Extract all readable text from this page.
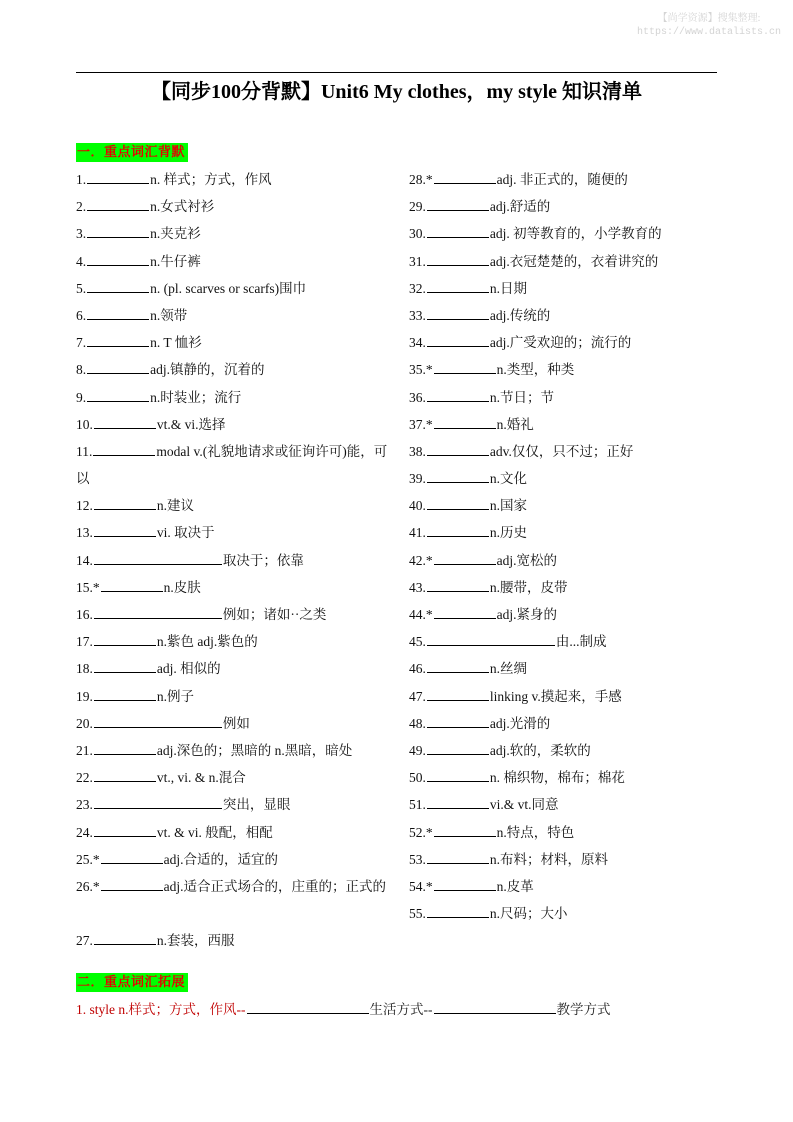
【尚学资源】搜集整理:
https://www.datalists.cn
【同步100分背默】Unit6 My clothes，my style 知识清单
一．重点词汇背默
1.	n. 样式；方式，作风
2.	n.女式衬衫
3.	n.夹克衫
4.	n.牛仔裤
5.	n. (pl. scarves or scarfs)围巾
6.	n.领带
7.	n. T 恤衫
8.	adj.镇静的，沉着的
9.	n.时装业；流行
10.	vt.& vi.选择
11.	modal v.(礼貌地请求或征询许可)能，可以
12.	n.建议
13.	vi. 取决于
14.	取决于；依靠
15.*	n.皮肤
16.	例如；诸如··之类
17.	n.紫色 adj.紫色的
18.	adj. 相似的
19.	n.例子
20.	例如
21.	adj.深色的；黑暗的 n.黑暗，暗处
22.	vt., vi. & n.混合
23.	突出，显眼
24.	vt. & vi. 般配，相配
25.*	adj.合适的，适宜的
26.*	adj.适合正式场合的，庄重的；正式的
27.	n.套装，西服
28.*	adj. 非正式的，随便的
29.	adj.舒适的
30.	adj. 初等教育的，小学教育的
31.	adj.衣冠楚楚的，衣着讲究的
32.	n.日期
33.	adj.传统的
34.	adj.广受欢迎的；流行的
35.*	n.类型，种类
36.	n.节日；节
37.*	n.婚礼
38.	adv.仅仅，只不过；正好
39.	n.文化
40.	n.国家
41.	n.历史
42.*	adj.宽松的
43.	n.腰带，皮带
44.*	adj.紧身的
45.	由...制成
46.	n.丝绸
47.	linking v.摸起来，手感
48.	adj.光滑的
49.	adj.软的，柔软的
50.	n. 棉织物，棉布；棉花
51.	vi.& vt.同意
52.*	n.特点，特色
53.	n.布料；材料，原料
54.*	n.皮革
55.	n.尺码；大小
二．重点词汇拓展
1. style n.样式；方式，作风--	生活方式--	教学方式
